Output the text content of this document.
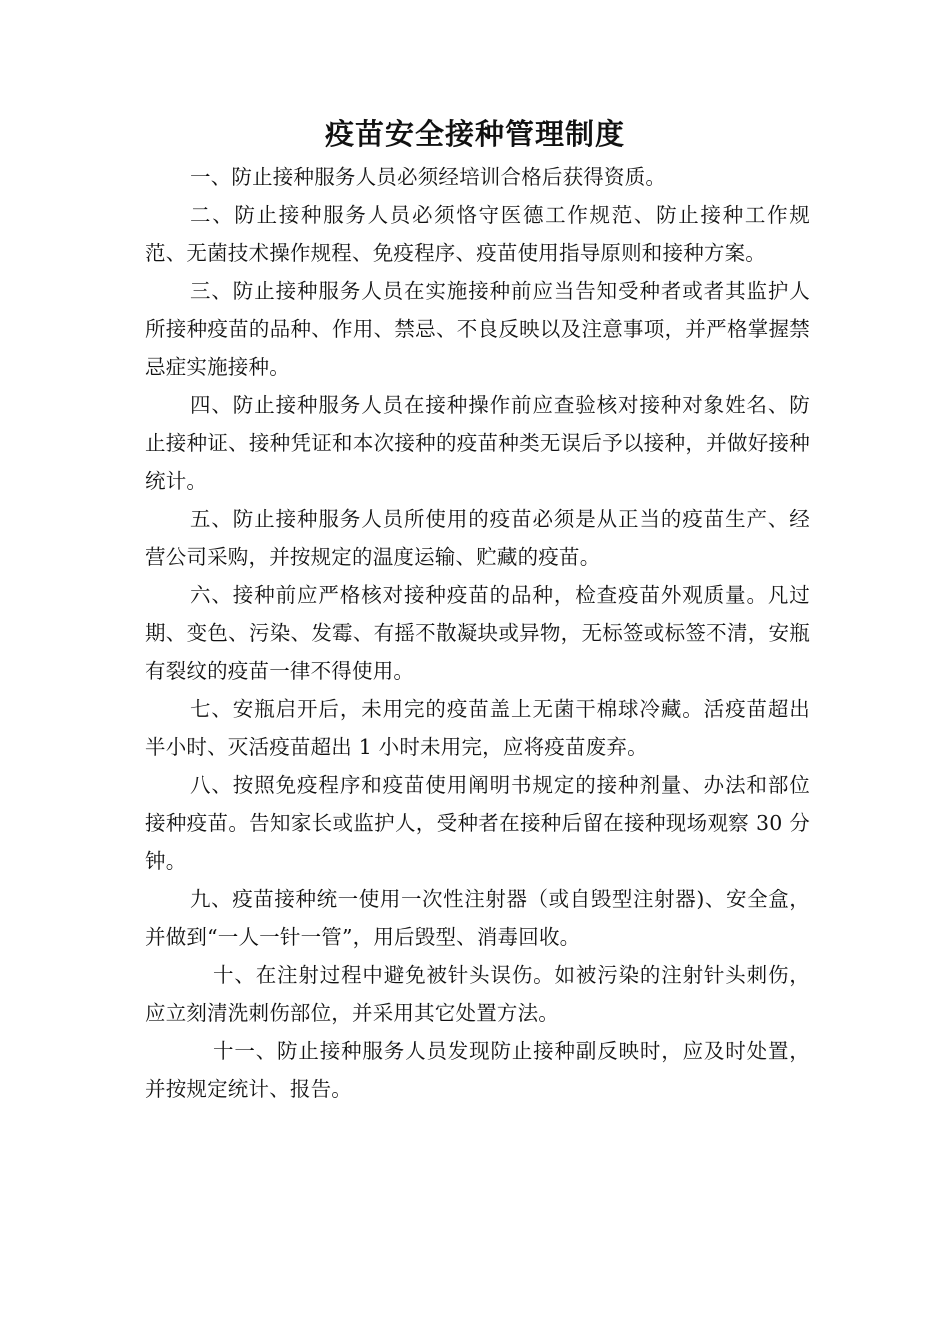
疫苗安全接种管理制度

一、防止接种服务人员必须经培训合格后获得资质。

二、防止接种服务人员必须恪守医德工作规范、防止接种工作规范、无菌技术操作规程、免疫程序、疫苗使用指导原则和接种方案。

三、防止接种服务人员在实施接种前应当告知受种者或者其监护人所接种疫苗的品种、作用、禁忌、不良反映以及注意事项，并严格掌握禁忌症实施接种。

四、防止接种服务人员在接种操作前应查验核对接种对象姓名、防止接种证、接种凭证和本次接种的疫苗种类无误后予以接种，并做好接种统计。

五、防止接种服务人员所使用的疫苗必须是从正当的疫苗生产、经营公司采购，并按规定的温度运输、贮藏的疫苗。

六、接种前应严格核对接种疫苗的品种，检查疫苗外观质量。凡过期、变色、污染、发霉、有摇不散凝块或异物，无标签或标签不清，安瓶有裂纹的疫苗一律不得使用。

七、安瓶启开后，未用完的疫苗盖上无菌干棉球冷藏。活疫苗超出半小时、灭活疫苗超出 1 小时未用完，应将疫苗废弃。

八、按照免疫程序和疫苗使用阐明书规定的接种剂量、办法和部位接种疫苗。告知家长或监护人，受种者在接种后留在接种现场观察 30 分钟。

九、疫苗接种统一使用一次性注射器（或自毁型注射器)、安全盒，并做到“一人一针一管”，用后毁型、消毒回收。

十、在注射过程中避免被针头误伤。如被污染的注射针头刺伤，应立刻清洗刺伤部位，并采用其它处置方法。

十一、防止接种服务人员发现防止接种副反映时，应及时处置，并按规定统计、报告。
